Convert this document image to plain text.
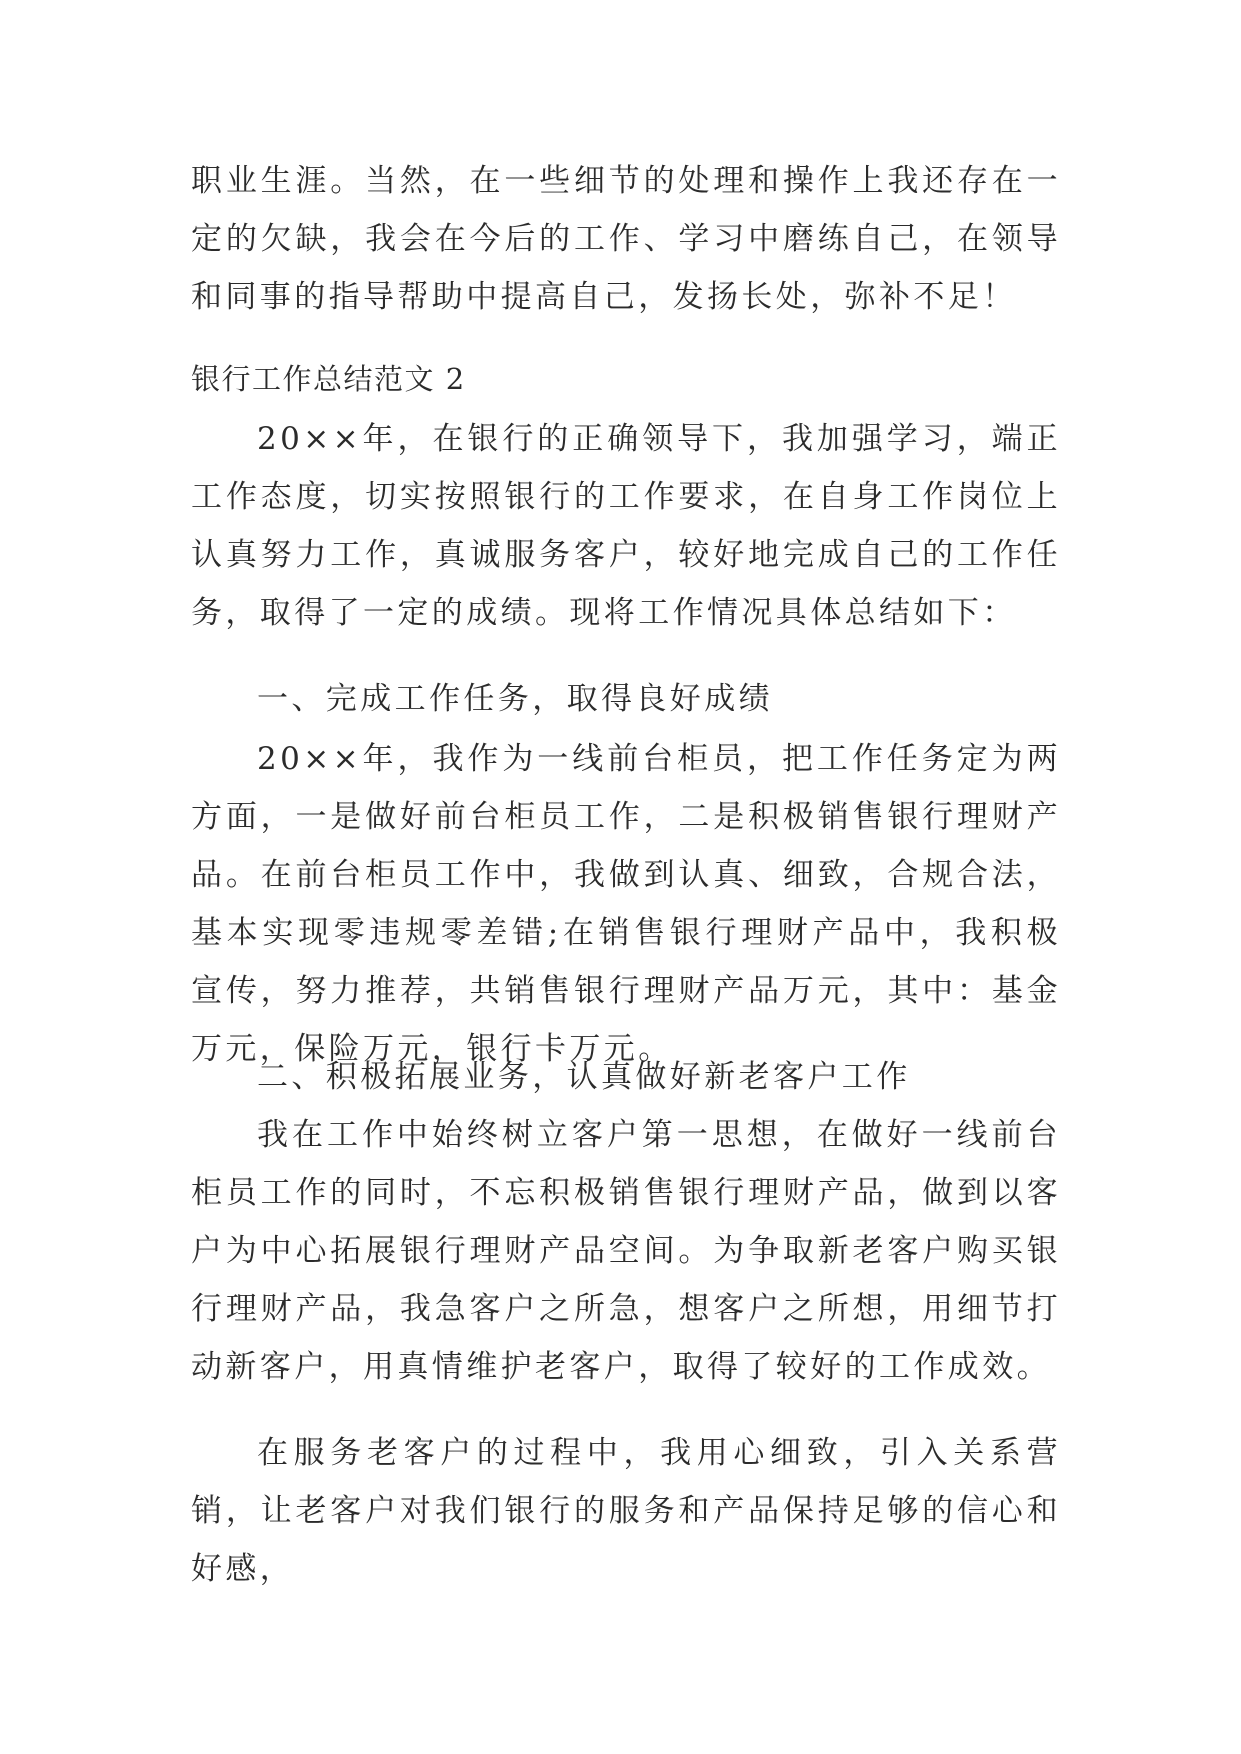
职业生涯。当然，在一些细节的处理和操作上我还存在一定的欠缺，我会在今后的工作、学习中磨练自己，在领导和同事的指导帮助中提高自己，发扬长处，弥补不足！

银行工作总结范文 2

20××年，在银行的正确领导下，我加强学习，端正工作态度，切实按照银行的工作要求，在自身工作岗位上认真努力工作，真诚服务客户，较好地完成自己的工作任务，取得了一定的成绩。现将工作情况具体总结如下：

一、完成工作任务，取得良好成绩

20××年，我作为一线前台柜员，把工作任务定为两方面，一是做好前台柜员工作，二是积极销售银行理财产品。在前台柜员工作中，我做到认真、细致，合规合法，基本实现零违规零差错;在销售银行理财产品中，我积极宣传，努力推荐，共销售银行理财产品万元，其中：基金万元，保险万元，银行卡万元。

二、积极拓展业务，认真做好新老客户工作

我在工作中始终树立客户第一思想，在做好一线前台柜员工作的同时，不忘积极销售银行理财产品，做到以客户为中心拓展银行理财产品空间。为争取新老客户购买银行理财产品，我急客户之所急，想客户之所想，用细节打动新客户，用真情维护老客户，取得了较好的工作成效。

在服务老客户的过程中，我用心细致，引入关系营销，让老客户对我们银行的服务和产品保持足够的信心和好感，
